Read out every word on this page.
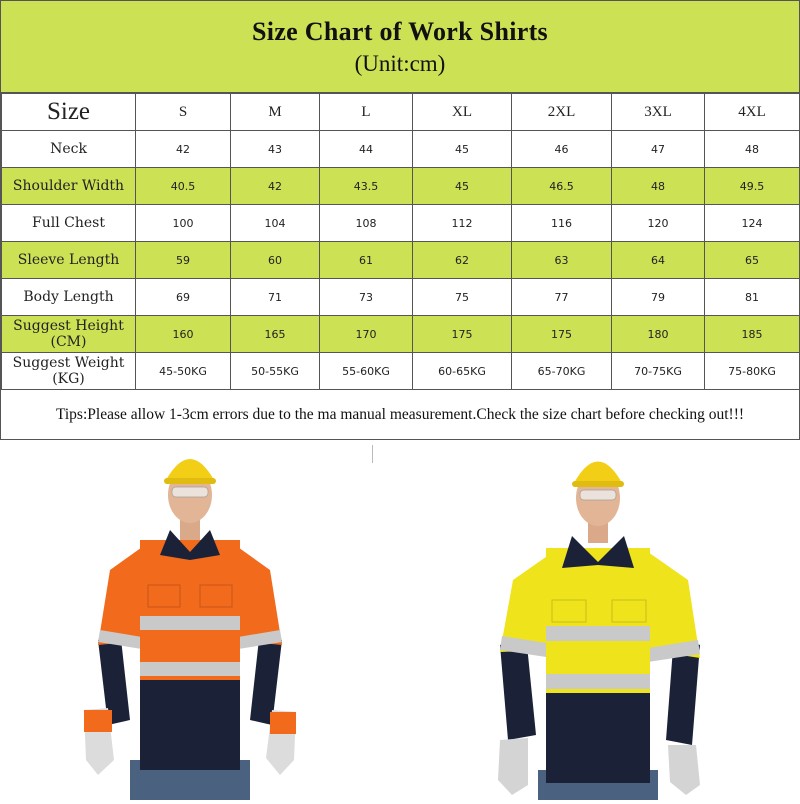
Size Chart of Work Shirts
(Unit:cm)
Size	S	M	L	XL	2XL	3XL	4XL
Neck	42	43	44	45	46	47	48
Shoulder Width	40.5	42	43.5	45	46.5	48	49.5
Full Chest	100	104	108	112	116	120	124
Sleeve Length	59	60	61	62	63	64	65
Body Length	69	71	73	75	77	79	81
Suggest Height
(CM)	160	165	170	175	175	180	185
Suggest Weight
(KG)	45-50KG	50-55KG	55-60KG	60-65KG	65-70KG	70-75KG	75-80KG
Tips:Please allow 1-3cm errors due to the ma manual measurement.Check the size chart before checking out!!!
